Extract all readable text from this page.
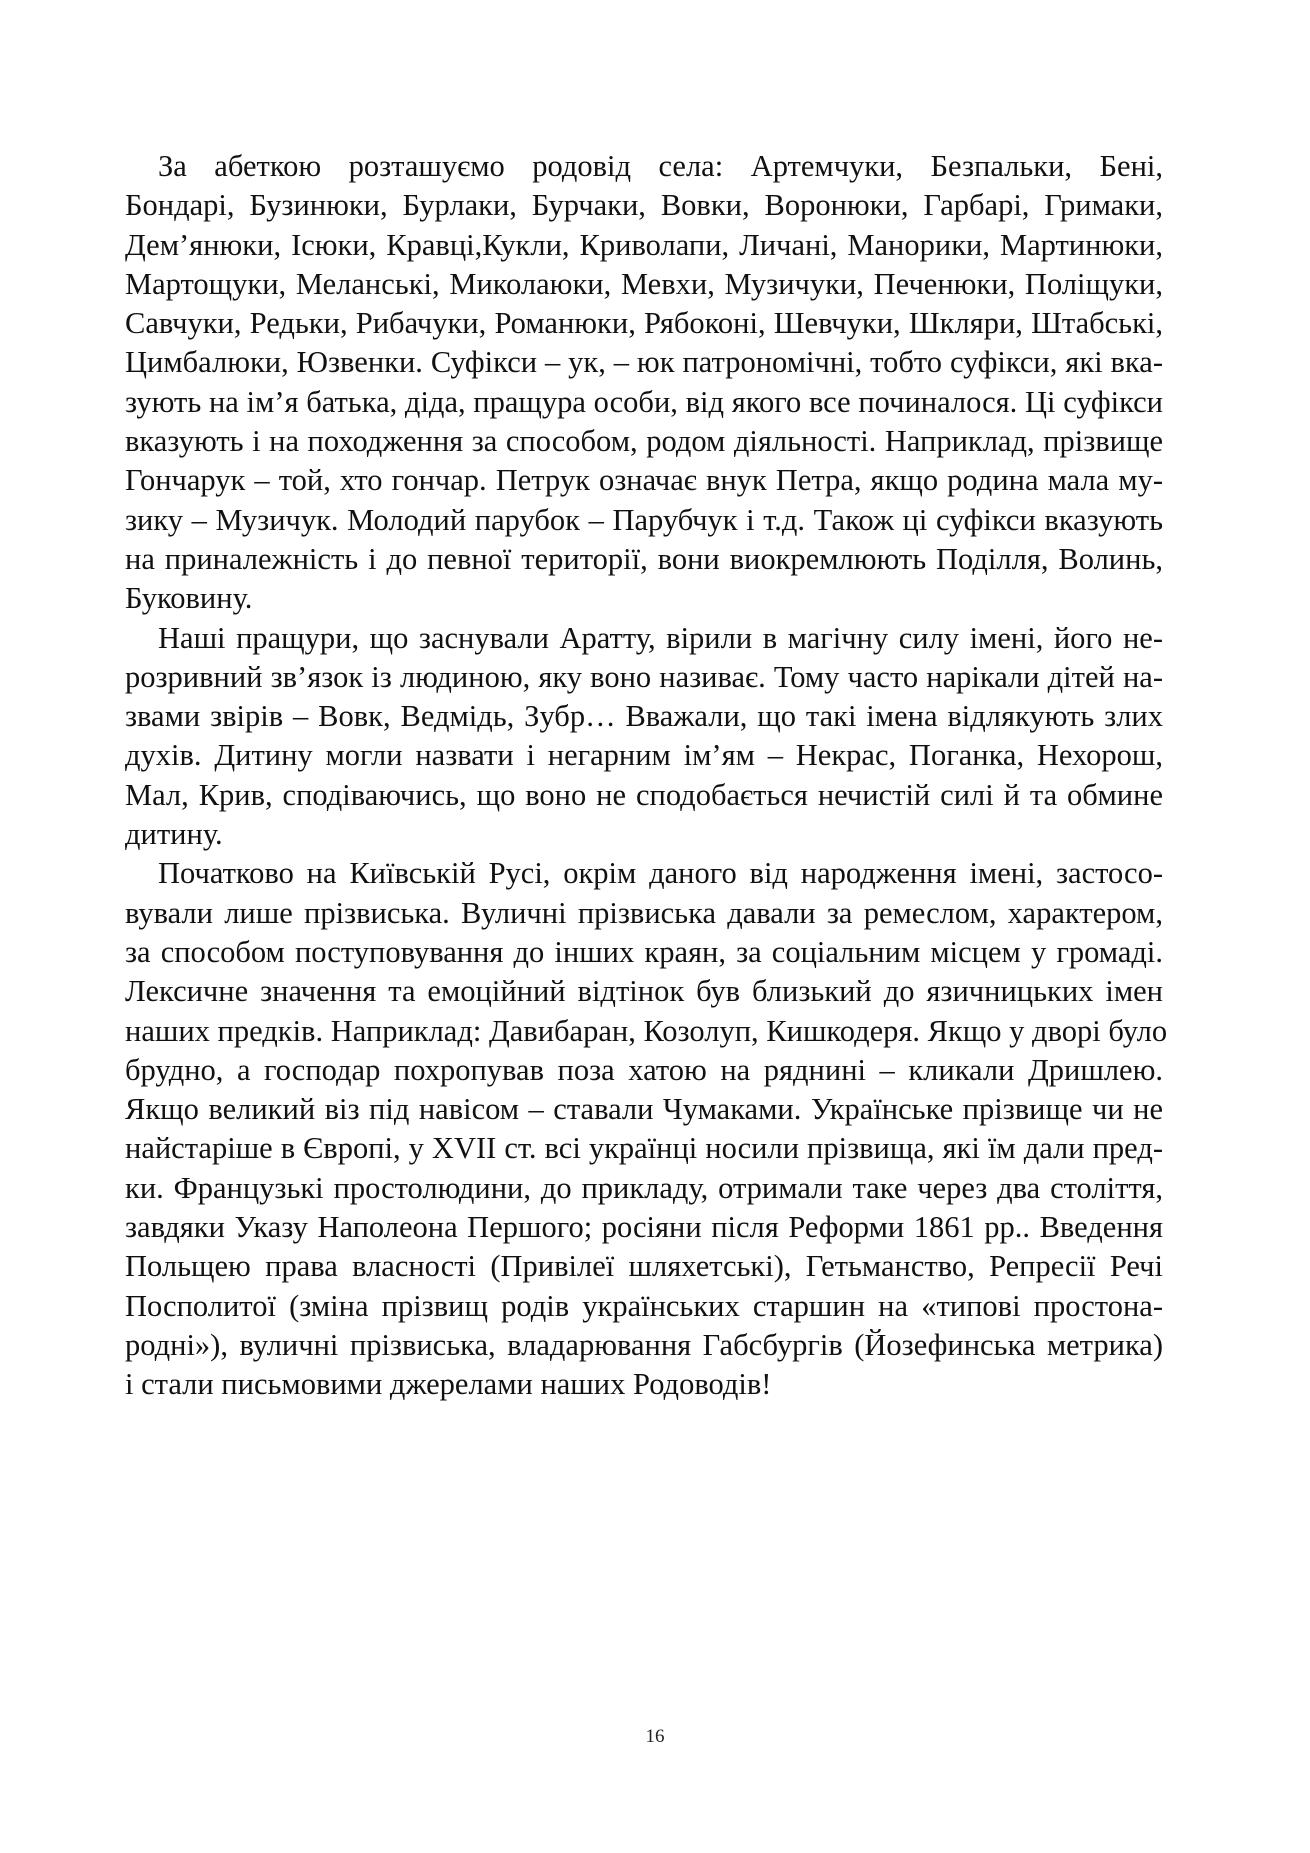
За абеткою розташуємо родовід села: Артемчуки, Безпальки, Бені,
Бондарі, Бузинюки, Бурлаки, Бурчаки, Вовки, Воронюки, Гарбарі, Гримаки,
Дем’янюки, Ісюки, Кравці,Кукли, Криволапи, Личані, Манорики, Мартинюки,
Мартощуки, Меланські, Миколаюки, Мевхи, Музичуки, Печенюки, Поліщуки,
Савчуки, Редьки, Рибачуки, Романюки, Рябоконі, Шевчуки, Шкляри, Штабські,
Цимбалюки, Юзвенки. Суфікси – ук, – юк патрономічні, тобто суфікси, які вка-
зують на ім’я батька, діда, пращура особи, від якого все починалося. Ці суфікси
вказують і на походження за способом, родом діяльності. Наприклад, прізвище
Гончарук – той, хто гончар. Петрук означає внук Петра, якщо родина мала му-
зику – Музичук. Молодий парубок – Парубчук і т.д. Також ці суфікси вказують
на приналежність і до певної території, вони виокремлюють Поділля, Волинь,
Буковину.
Наші пращури, що заснували Аратту, вірили в магічну силу імені, його не-
розривний зв’язок із людиною, яку воно називає. Тому часто нарікали дітей на-
звами звірів – Вовк, Ведмідь, Зубр… Вважали, що такі імена відлякують злих
духів. Дитину могли назвати і негарним ім’ям – Некрас, Поганка, Нехорош,
Мал, Крив, сподіваючись, що воно не сподобається нечистій силі й та обмине
дитину.
Початково на Київській Русі, окрім даного від народження імені, застосо-
вували лише прізвиська. Вуличні прізвиська давали за ремеслом, характером,
за способом поступовування до інших краян, за соціальним місцем у громаді.
Лексичне значення та емоційний відтінок був близький до язичницьких імен
наших предків. Наприклад: Давибаран, Козолуп, Кишкодеря. Якщо у дворі було
брудно, а господар похропував поза хатою на ряднині – кликали Дришлею.
Якщо великий віз під навісом – ставали Чумаками. Українське прізвище чи не
найстаріше в Європі, у XVII ст. всі українці носили прізвища, які їм дали пред-
ки. Французькі простолюдини, до прикладу, отримали таке через два століття,
завдяки Указу Наполеона Першого; росіяни після Реформи 1861 рр.. Введення
Польщею права власності (Привілеї шляхетські), Гетьманство, Репресії Речі
Посполитої (зміна прізвищ родів українських старшин на «типові простона-
родні»), вуличні прізвиська, владарювання Габсбургів (Йозефинська метрика)
і стали письмовими джерелами наших Родоводів!
16
